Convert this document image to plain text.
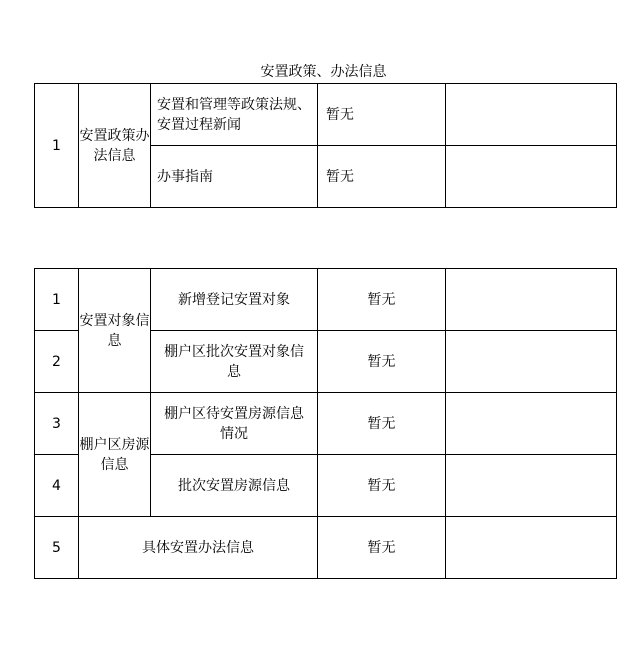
安置政策、办法信息
1	安置政策办法信息	安置和管理等政策法规、安置过程新闻	暂无	
		办事指南	暂无	
1	安置对象信息	新增登记安置对象	暂无	
2		棚户区批次安置对象信息	暂无	
3	棚户区房源信息	棚户区待安置房源信息情况	暂无	
4		批次安置房源信息	暂无	
5	具体安置办法信息		暂无	
